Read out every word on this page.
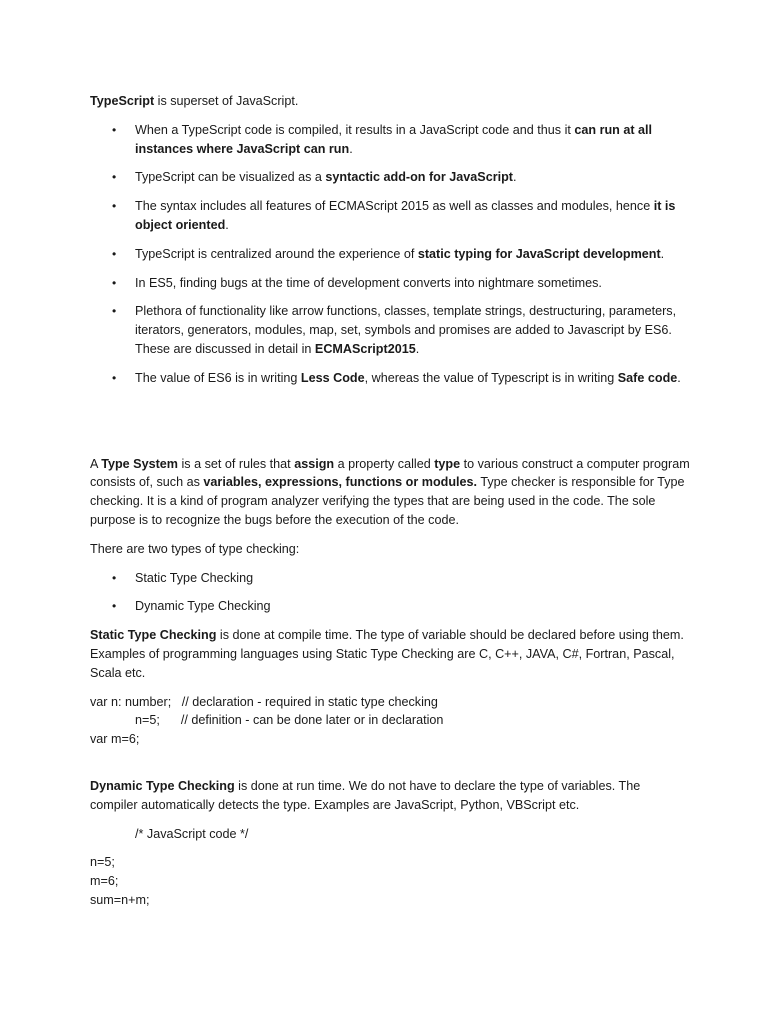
TypeScript is superset of JavaScript.

• When a TypeScript code is compiled, it results in a JavaScript code and thus it can run at all instances where JavaScript can run.
• TypeScript can be visualized as a syntactic add-on for JavaScript.
• The syntax includes all features of ECMAScript 2015 as well as classes and modules, hence it is object oriented.
• TypeScript is centralized around the experience of static typing for JavaScript development.
• In ES5, finding bugs at the time of development converts into nightmare sometimes.
• Plethora of functionality like arrow functions, classes, template strings, destructuring, parameters, iterators, generators, modules, map, set, symbols and promises are added to Javascript by ES6. These are discussed in detail in ECMAScript2015.
• The value of ES6 is in writing Less Code, whereas the value of Typescript is in writing Safe code.

A Type System is a set of rules that assign a property called type to various construct a computer program consists of, such as variables, expressions, functions or modules. Type checker is responsible for Type checking. It is a kind of program analyzer verifying the types that are being used in the code. The sole purpose is to recognize the bugs before the execution of the code.

There are two types of type checking:

• Static Type Checking
• Dynamic Type Checking

Static Type Checking is done at compile time. The type of variable should be declared before using them. Examples of programming languages using Static Type Checking are C, C++, JAVA, C#, Fortran, Pascal, Scala etc.

var n: number;   // declaration - required in static type checking
n=5;      // definition - can be done later or in declaration
var m=6;

Dynamic Type Checking is done at run time. We do not have to declare the type of variables. The compiler automatically detects the type. Examples are JavaScript, Python, VBScript etc.

/* JavaScript code */

n=5;
m=6;
sum=n+m;
